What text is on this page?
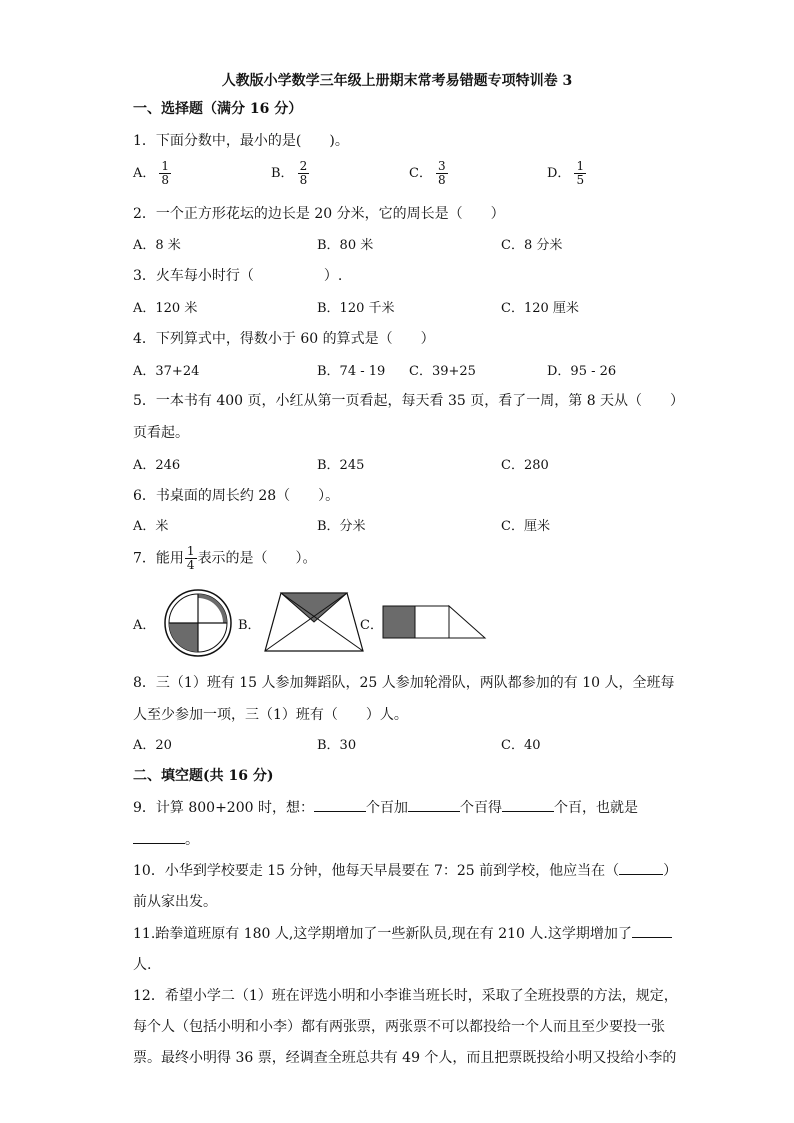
人教版小学数学三年级上册期末常考易错题专项特训卷 3
一、选择题（满分 16 分）
1．下面分数中，最小的是(　　)。
A． $\frac{1}{8}$	B． $\frac{2}{8}$	C． $\frac{3}{8}$	D． $\frac{1}{5}$
2．一个正方形花坛的边长是 20 分米，它的周长是（　　）
A．8 米	B．80 米	C．8 分米
3．火车每小时行（　　　　　）.
A．120 米	B．120 千米	C．120 厘米
4．下列算式中，得数小于 60 的算式是（　　）
A．37+24	B．74 - 19 C．39+25	D．95 - 26
5．一本书有 400 页，小红从第一页看起，每天看 35 页，看了一周，第 8 天从（　　）
页看起。
A．246	B．245	C．280
6．书桌面的周长约 28（　　）。
A．米	B．分米	C．厘米
7．能用 $\frac{1}{4}$ 表示的是（　　）。
A．	B．	C．
8．三（1）班有 15 人参加舞蹈队，25 人参加轮滑队，两队都参加的有 10 人，全班每
人至少参加一项，三（1）班有（　　）人。
A．20	B．30	C．40
二、填空题(共 16 分)
9．计算 800+200 时，想：	个百加	个百得	个百，也就是
。
10．小华到学校要走 15 分钟，他每天早晨要在 7：25 前到学校，他应当在（	）
前从家出发。
11.跆拳道班原有 180 人,这学期增加了一些新队员,现在有 210 人.这学期增加了
人.
12．希望小学二（1）班在评选小明和小李谁当班长时，采取了全班投票的方法，规定，
每个人（包括小明和小李）都有两张票，两张票不可以都投给一个人而且至少要投一张
票。最终小明得 36 票，经调查全班总共有 49 个人，而且把票既投给小明又投给小李的
